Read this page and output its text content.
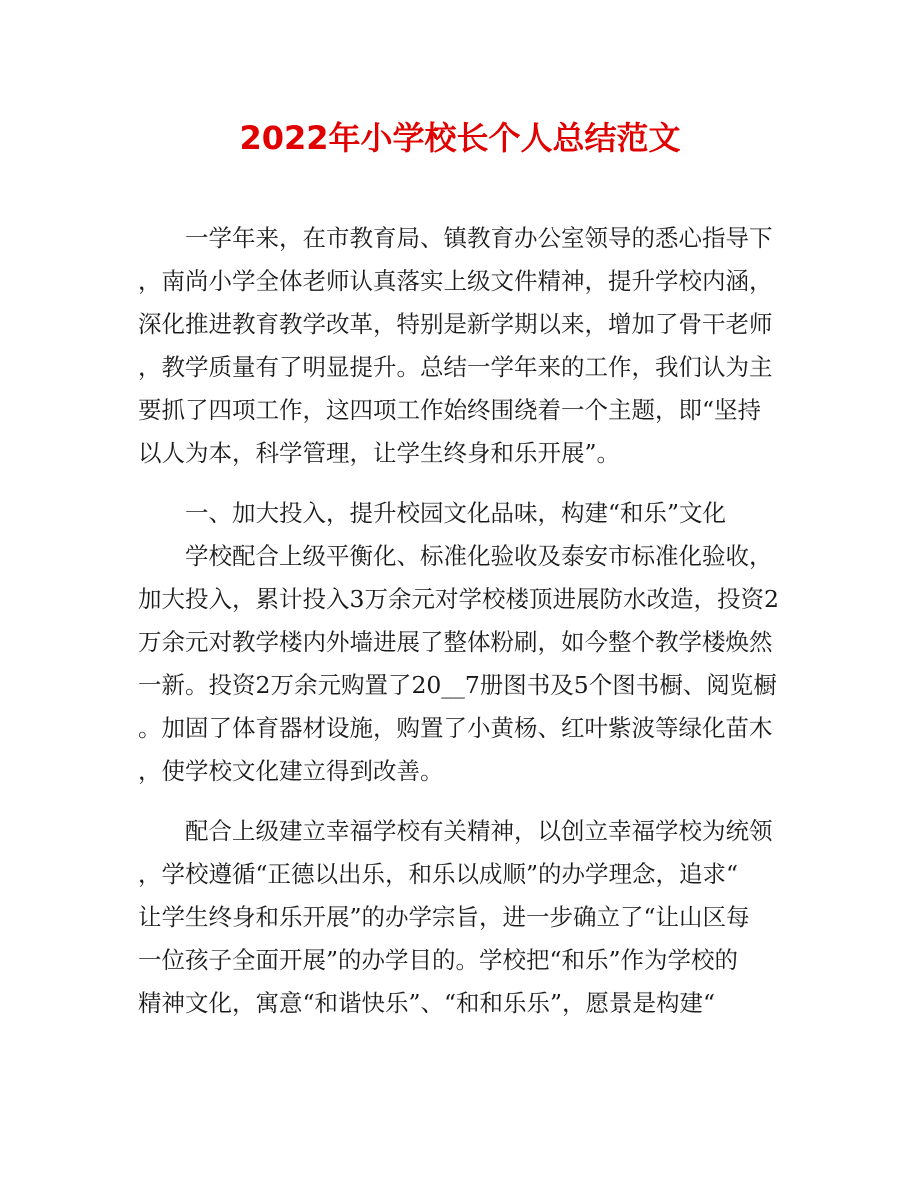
2022年小学校长个人总结范文

　　一学年来，在市教育局、镇教育办公室领导的悉心指导下

，南尚小学全体老师认真落实上级文件精神，提升学校内涵，

深化推进教育教学改革，特别是新学期以来，增加了骨干老师

，教学质量有了明显提升。总结一学年来的工作，我们认为主

要抓了四项工作，这四项工作始终围绕着一个主题，即“坚持

以人为本，科学管理，让学生终身和乐开展”。

　　一、加大投入，提升校园文化品味，构建“和乐”文化

　　学校配合上级平衡化、标准化验收及泰安市标准化验收，

加大投入，累计投入3万余元对学校楼顶进展防水改造，投资2

万余元对教学楼内外墙进展了整体粉刷，如今整个教学楼焕然

一新。投资2万余元购置了20__7册图书及5个图书橱、阅览橱

。加固了体育器材设施，购置了小黄杨、红叶紫波等绿化苗木

，使学校文化建立得到改善。

　　配合上级建立幸福学校有关精神，以创立幸福学校为统领

，学校遵循“正德以出乐，和乐以成顺”的办学理念，追求“

让学生终身和乐开展”的办学宗旨，进一步确立了“让山区每

一位孩子全面开展”的办学目的。学校把“和乐”作为学校的

精神文化，寓意“和谐快乐”、“和和乐乐”，愿景是构建“
